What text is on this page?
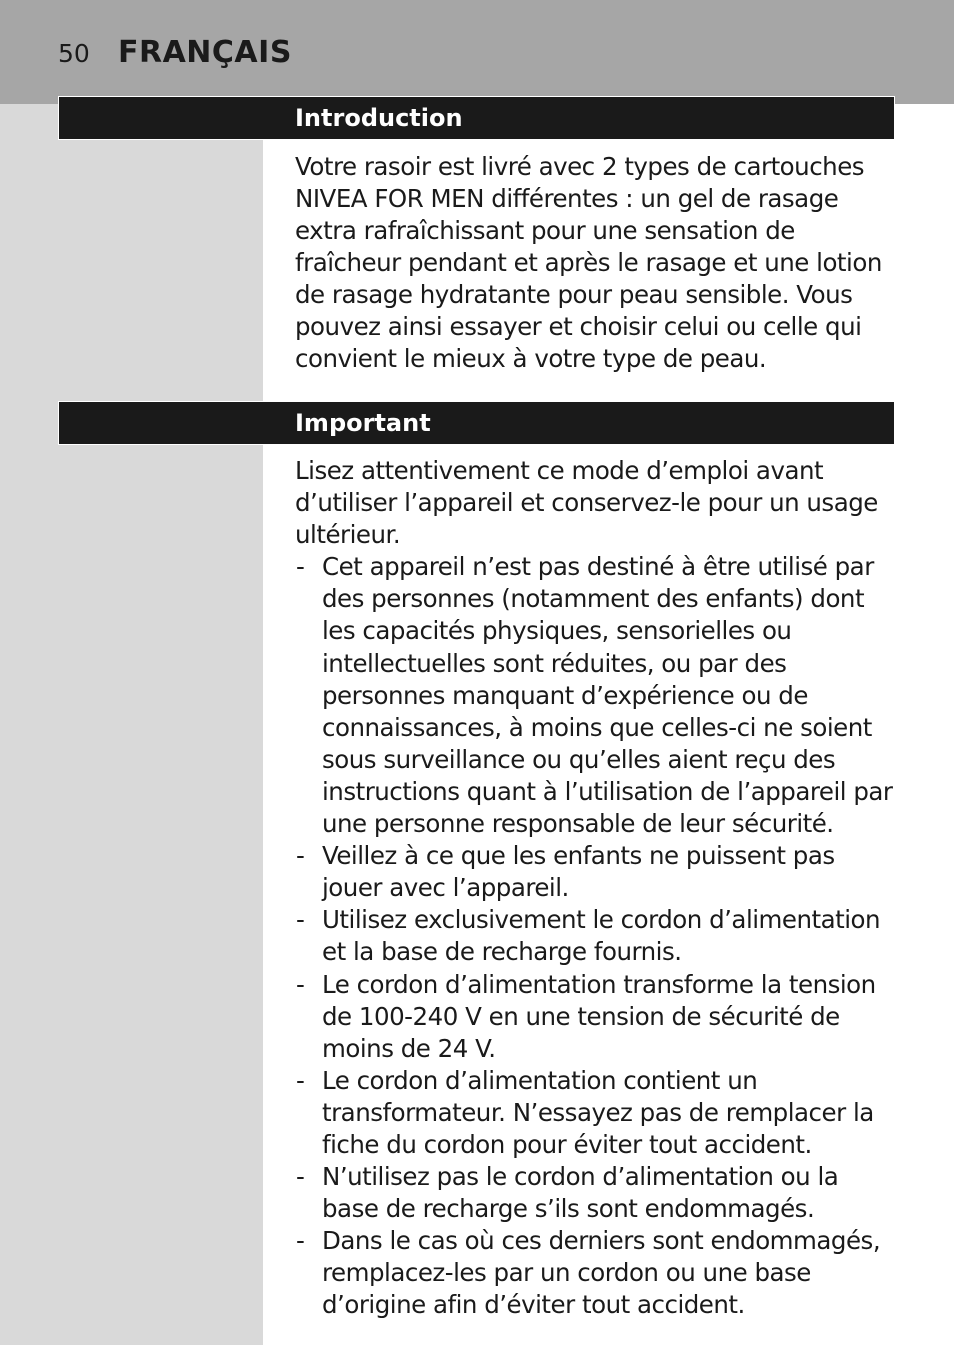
50 FRANÇAIS
Introduction

Votre rasoir est livré avec 2 types de cartouches NIVEA FOR MEN différentes : un gel de rasage extra rafraîchissant pour une sensation de fraîcheur pendant et après le rasage et une lotion de rasage hydratante pour peau sensible. Vous pouvez ainsi essayer et choisir celui ou celle qui convient le mieux à votre type de peau.

Important

Lisez attentivement ce mode d’emploi avant d’utiliser l’appareil et conservez-le pour un usage ultérieur.

- Cet appareil n’est pas destiné à être utilisé par des personnes (notamment des enfants) dont les capacités physiques, sensorielles ou intellectuelles sont réduites, ou par des personnes manquant d’expérience ou de connaissances, à moins que celles-ci ne soient sous surveillance ou qu’elles aient reçu des instructions quant à l’utilisation de l’appareil par une personne responsable de leur sécurité.
- Veillez à ce que les enfants ne puissent pas jouer avec l’appareil.
- Utilisez exclusivement le cordon d’alimentation et la base de recharge fournis.
- Le cordon d’alimentation transforme la tension de 100-240 V en une tension de sécurité de moins de 24 V.
- Le cordon d’alimentation contient un transformateur. N’essayez pas de remplacer la fiche du cordon pour éviter tout accident.
- N’utilisez pas le cordon d’alimentation ou la base de recharge s’ils sont endommagés.
- Dans le cas où ces derniers sont endommagés, remplacez-les par un cordon ou une base d’origine afin d’éviter tout accident.
